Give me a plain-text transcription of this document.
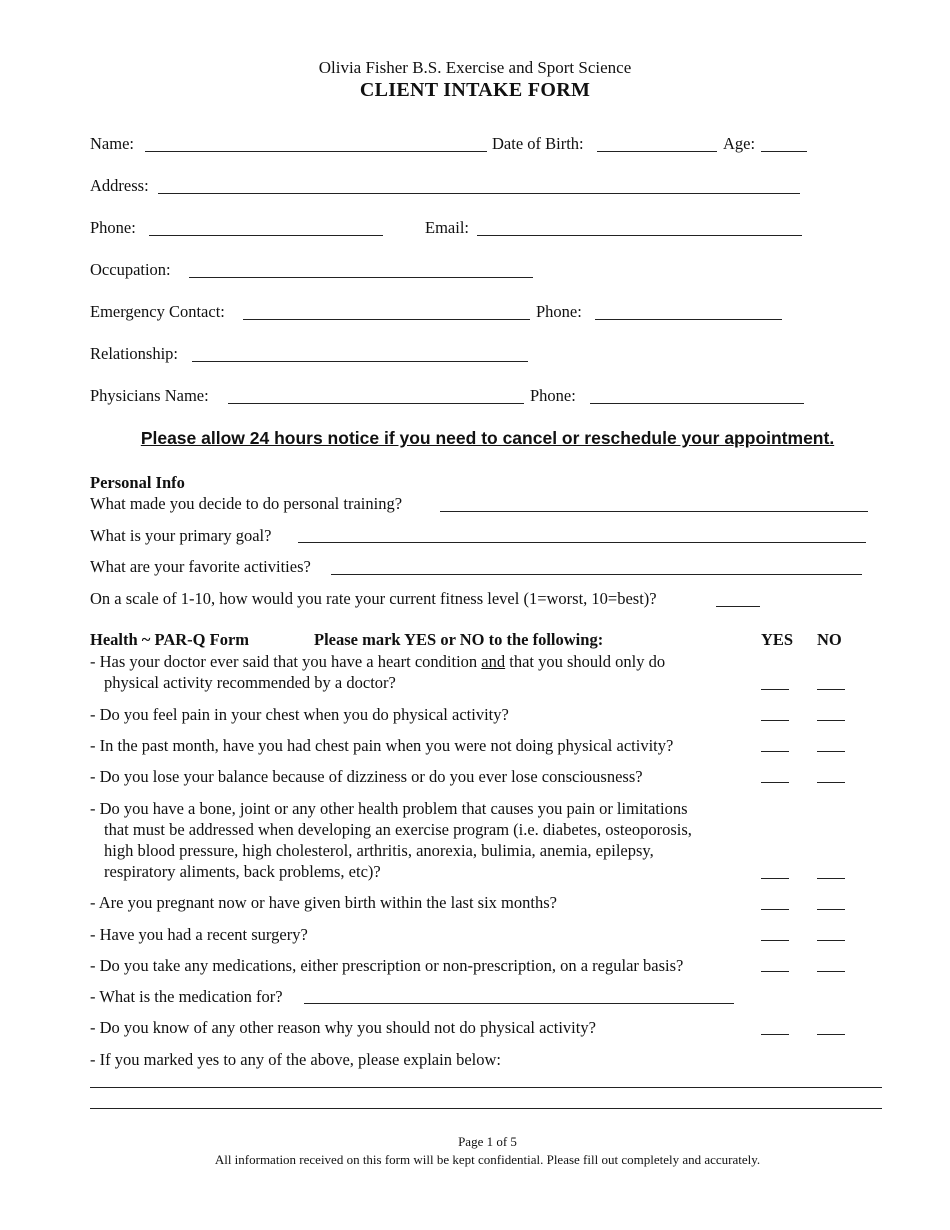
Olivia Fisher B.S. Exercise and Sport Science
CLIENT INTAKE FORM
Name:	Date of Birth:	Age:
Address:
Phone:	Email:
Occupation:
Emergency Contact:	Phone:
Relationship:
Physicians Name:	Phone:
Please allow 24 hours notice if you need to cancel or reschedule your appointment.
Personal Info
What made you decide to do personal training?
What is your primary goal?
What are your favorite activities?
On a scale of 1-10, how would you rate your current fitness level (1=worst, 10=best)?
Health ~ PAR-Q Form	Please mark YES or NO to the following:	YES NO
- Has your doctor ever said that you have a heart condition and that you should only do
physical activity recommended by a doctor?
- Do you feel pain in your chest when you do physical activity?
- In the past month, have you had chest pain when you were not doing physical activity?
- Do you lose your balance because of dizziness or do you ever lose consciousness?
- Do you have a bone, joint or any other health problem that causes you pain or limitations
that must be addressed when developing an exercise program (i.e. diabetes, osteoporosis,
high blood pressure, high cholesterol, arthritis, anorexia, bulimia, anemia, epilepsy,
respiratory aliments, back problems, etc)?
- Are you pregnant now or have given birth within the last six months?
- Have you had a recent surgery?
- Do you take any medications, either prescription or non-prescription, on a regular basis?
- What is the medication for?
- Do you know of any other reason why you should not do physical activity?
- If you marked yes to any of the above, please explain below:
Page 1 of 5
All information received on this form will be kept confidential. Please fill out completely and accurately.
